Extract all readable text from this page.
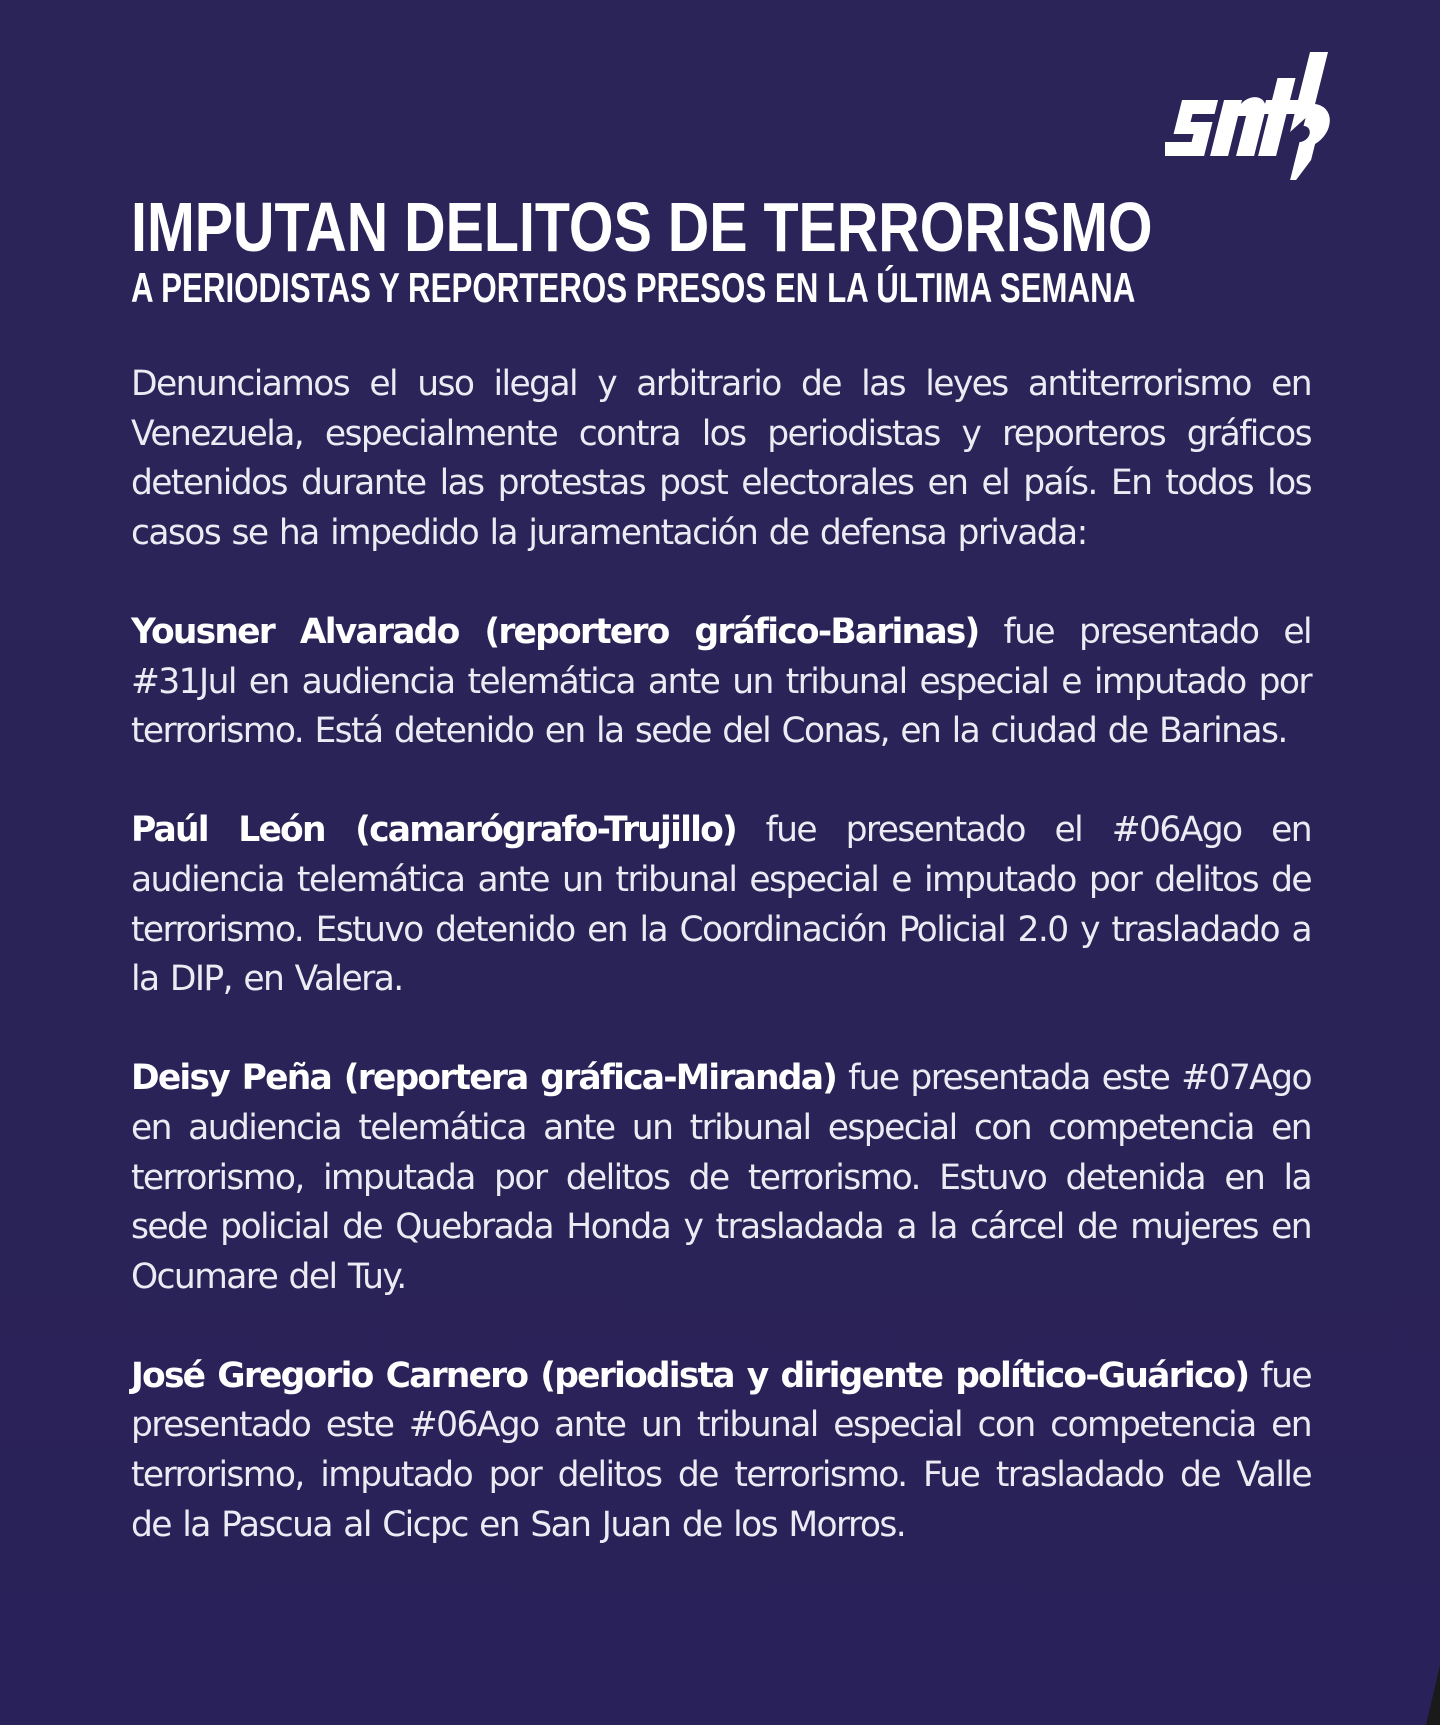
sntp
IMPUTAN DELITOS DE TERRORISMO
A PERIODISTAS Y REPORTEROS PRESOS EN LA ÚLTIMA SEMANA

Denunciamos el uso ilegal y arbitrario de las leyes antiterrorismo en Venezuela, especialmente contra los periodistas y reporteros gráficos detenidos durante las protestas post electorales en el país. En todos los casos se ha impedido la juramentación de defensa privada:

Yousner Alvarado (reportero gráfico-Barinas) fue presentado el #31Jul en audiencia telemática ante un tribunal especial e imputado por terrorismo. Está detenido en la sede del Conas, en la ciudad de Barinas.

Paúl León (camarógrafo-Trujillo) fue presentado el #06Ago en audiencia telemática ante un tribunal especial e imputado por delitos de terrorismo. Estuvo detenido en la Coordinación Policial 2.0 y trasladado a la DIP, en Valera.

Deisy Peña (reportera gráfica-Miranda) fue presentada este #07Ago en audiencia telemática ante un tribunal especial con competencia en terrorismo, imputada por delitos de terrorismo. Estuvo detenida en la sede policial de Quebrada Honda y trasladada a la cárcel de mujeres en Ocumare del Tuy.

José Gregorio Carnero (periodista y dirigente político-Guárico) fue presentado este #06Ago ante un tribunal especial con competencia en terrorismo, imputado por delitos de terrorismo. Fue trasladado de Valle de la Pascua al Cicpc en San Juan de los Morros.
